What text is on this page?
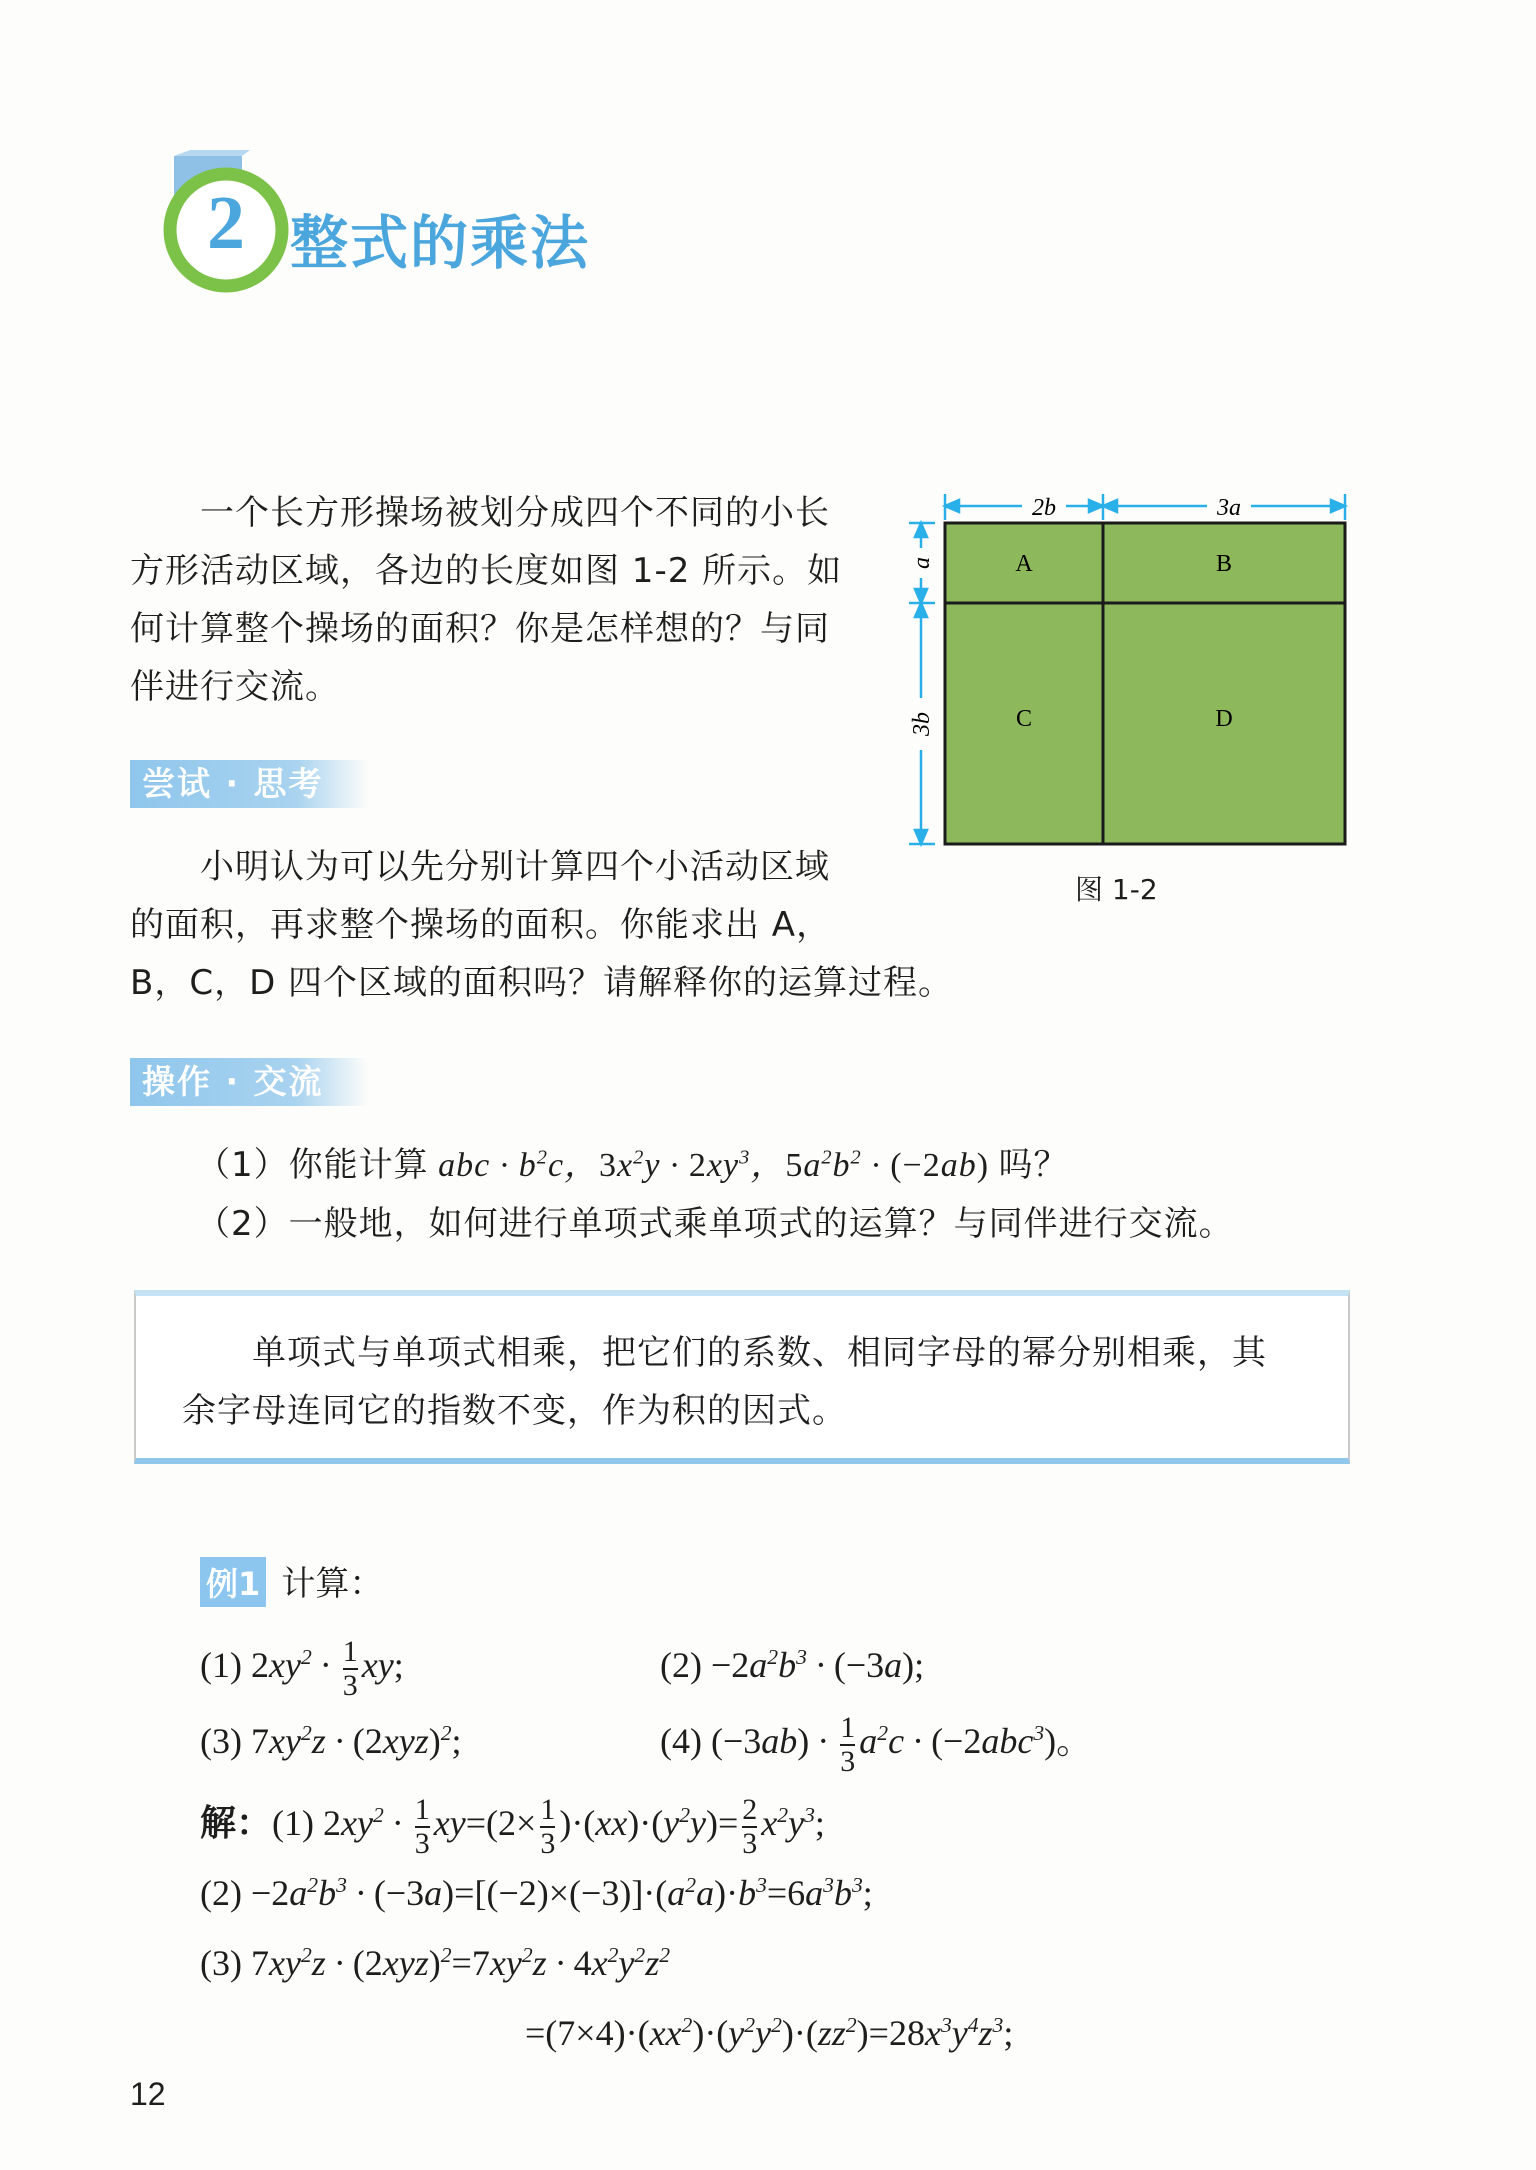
2 整式的乘法
一个长方形操场被划分成四个不同的小长
方形活动区域，各边的长度如图 1-2 所示。如
何计算整个操场的面积？你是怎样想的？与同
伴进行交流。
2b	3a
a
3b
A	B
C	D
图 1-2
尝试 · 思考
小明认为可以先分别计算四个小活动区域
的面积，再求整个操场的面积。你能求出 A，
B，C，D 四个区域的面积吗？请解释你的运算过程。
操作 · 交流
（1）你能计算 abc · $b^2c$，$3x^2y \cdot 2xy^3$，$5a^2b^2 \cdot (-2ab)$ 吗？
（2）一般地，如何进行单项式乘单项式的运算？与同伴进行交流。
单项式与单项式相乘，把它们的系数、相同字母的幂分别相乘，其
余字母连同它的指数不变，作为积的因式。
例1 计算：
(1) $2xy^2 \cdot \frac{1}{3}$ xy;	$(2) -2a^2b^3 \cdot (-3a)$;
(3) $7xy^2z \cdot (2xyz)^2$;	(4) $(-3ab) \cdot \frac{1}{3} a^2c \cdot (-2abc^3)$。
解：(1) $2xy^2 \cdot \frac{1}{3} xy=(2\times \frac{1}{3} )\cdot(xx)\cdot(y^2y)= \frac{2}{3} x^2y^3$;
$(2) -2a^2b^3 \cdot (-3a)=[(-2)\times(-3)]\cdot(a^2a)\cdot b^3=6a^3b^3$;
(3) $7xy^2z \cdot (2xyz)^2=7xy^2z \cdot 4x^2y^2z^2$
$=(7\times 4)\cdot(xx^2)\cdot(y^2y^2)\cdot(zz^2)=28x^3y^4z^3$;
12
